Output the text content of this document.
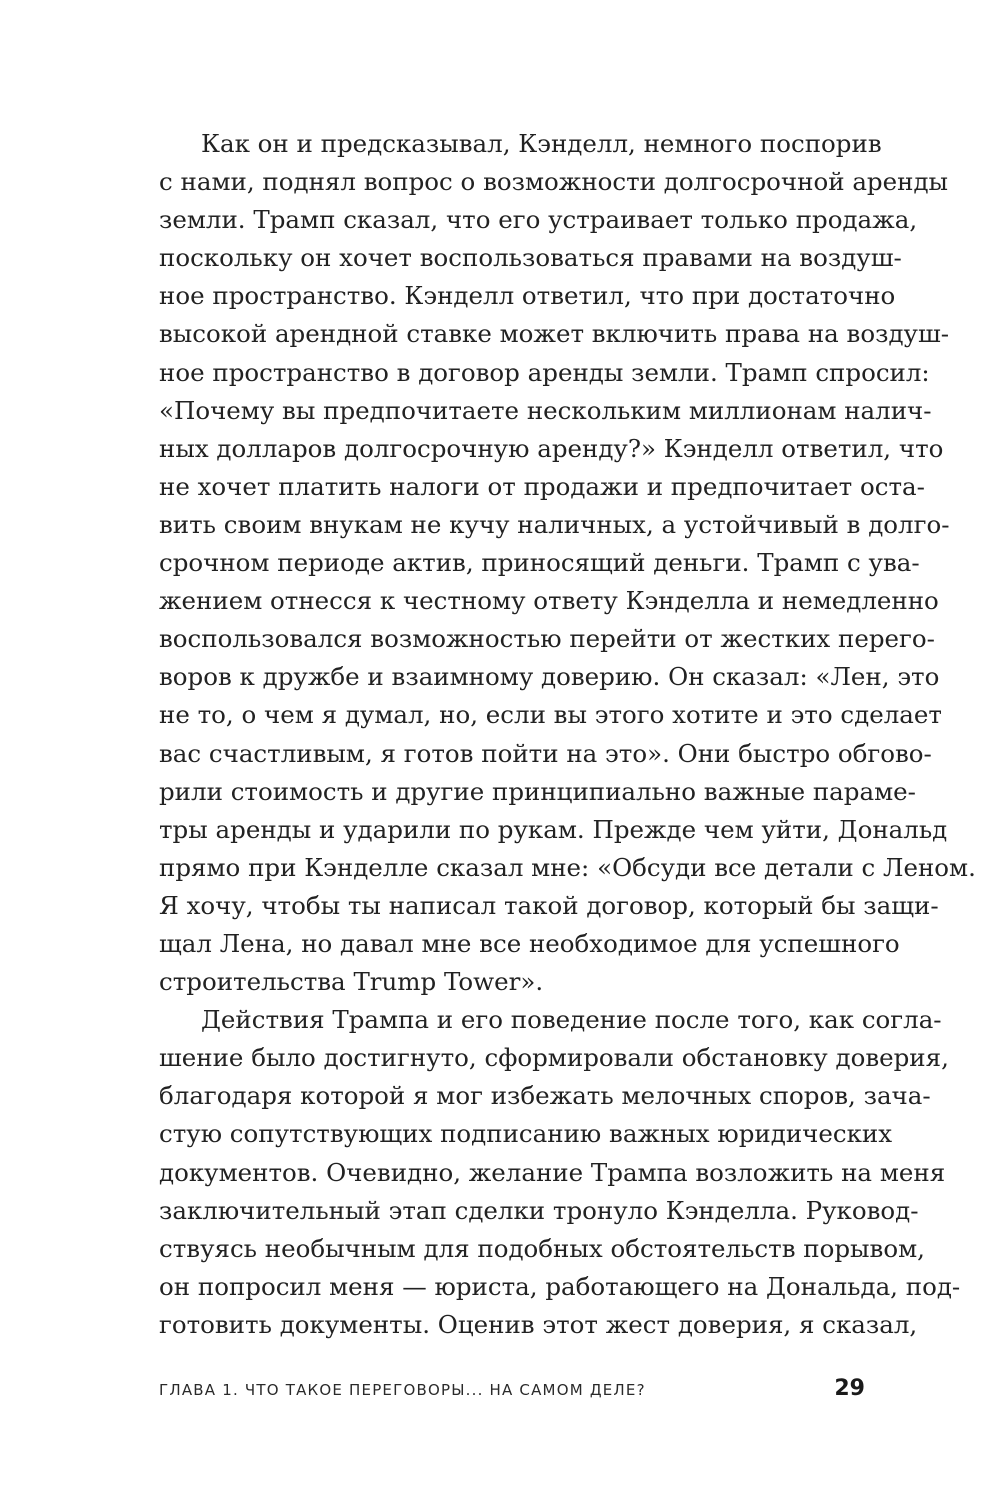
Как он и предсказывал, Кэнделл, немного поспорив
с нами, поднял вопрос о возможности долгосрочной аренды
земли. Трамп сказал, что его устраивает только продажа,
поскольку он хочет воспользоваться правами на воздуш-
ное пространство. Кэнделл ответил, что при достаточно
высокой арендной ставке может включить права на воздуш-
ное пространство в договор аренды земли. Трамп спросил:
«Почему вы предпочитаете нескольким миллионам налич-
ных долларов долгосрочную аренду?» Кэнделл ответил, что
не хочет платить налоги от продажи и предпочитает оста-
вить своим внукам не кучу наличных, а устойчивый в долго-
срочном периоде актив, приносящий деньги. Трамп с ува-
жением отнесся к честному ответу Кэнделла и немедленно
воспользовался возможностью перейти от жестких перего-
воров к дружбе и взаимному доверию. Он сказал: «Лен, это
не то, о чем я думал, но, если вы этого хотите и это сделает
вас счастливым, я готов пойти на это». Они быстро обгово-
рили стоимость и другие принципиально важные параме-
тры аренды и ударили по рукам. Прежде чем уйти, Дональд
прямо при Кэнделле сказал мне: «Обсуди все детали с Леном.
Я хочу, чтобы ты написал такой договор, который бы защи-
щал Лена, но давал мне все необходимое для успешного
строительства Trump Tower».
Действия Трампа и его поведение после того, как согла-
шение было достигнуто, сформировали обстановку доверия,
благодаря которой я мог избежать мелочных споров, зача-
стую сопутствующих подписанию важных юридических
документов. Очевидно, желание Трампа возложить на меня
заключительный этап сделки тронуло Кэнделла. Руковод-
ствуясь необычным для подобных обстоятельств порывом,
он попросил меня — юриста, работающего на Дональда, под-
готовить документы. Оценив этот жест доверия, я сказал,
ГЛАВА 1. ЧТО ТАКОЕ ПЕРЕГОВОРЫ... НА САМОМ ДЕЛЕ?	29
